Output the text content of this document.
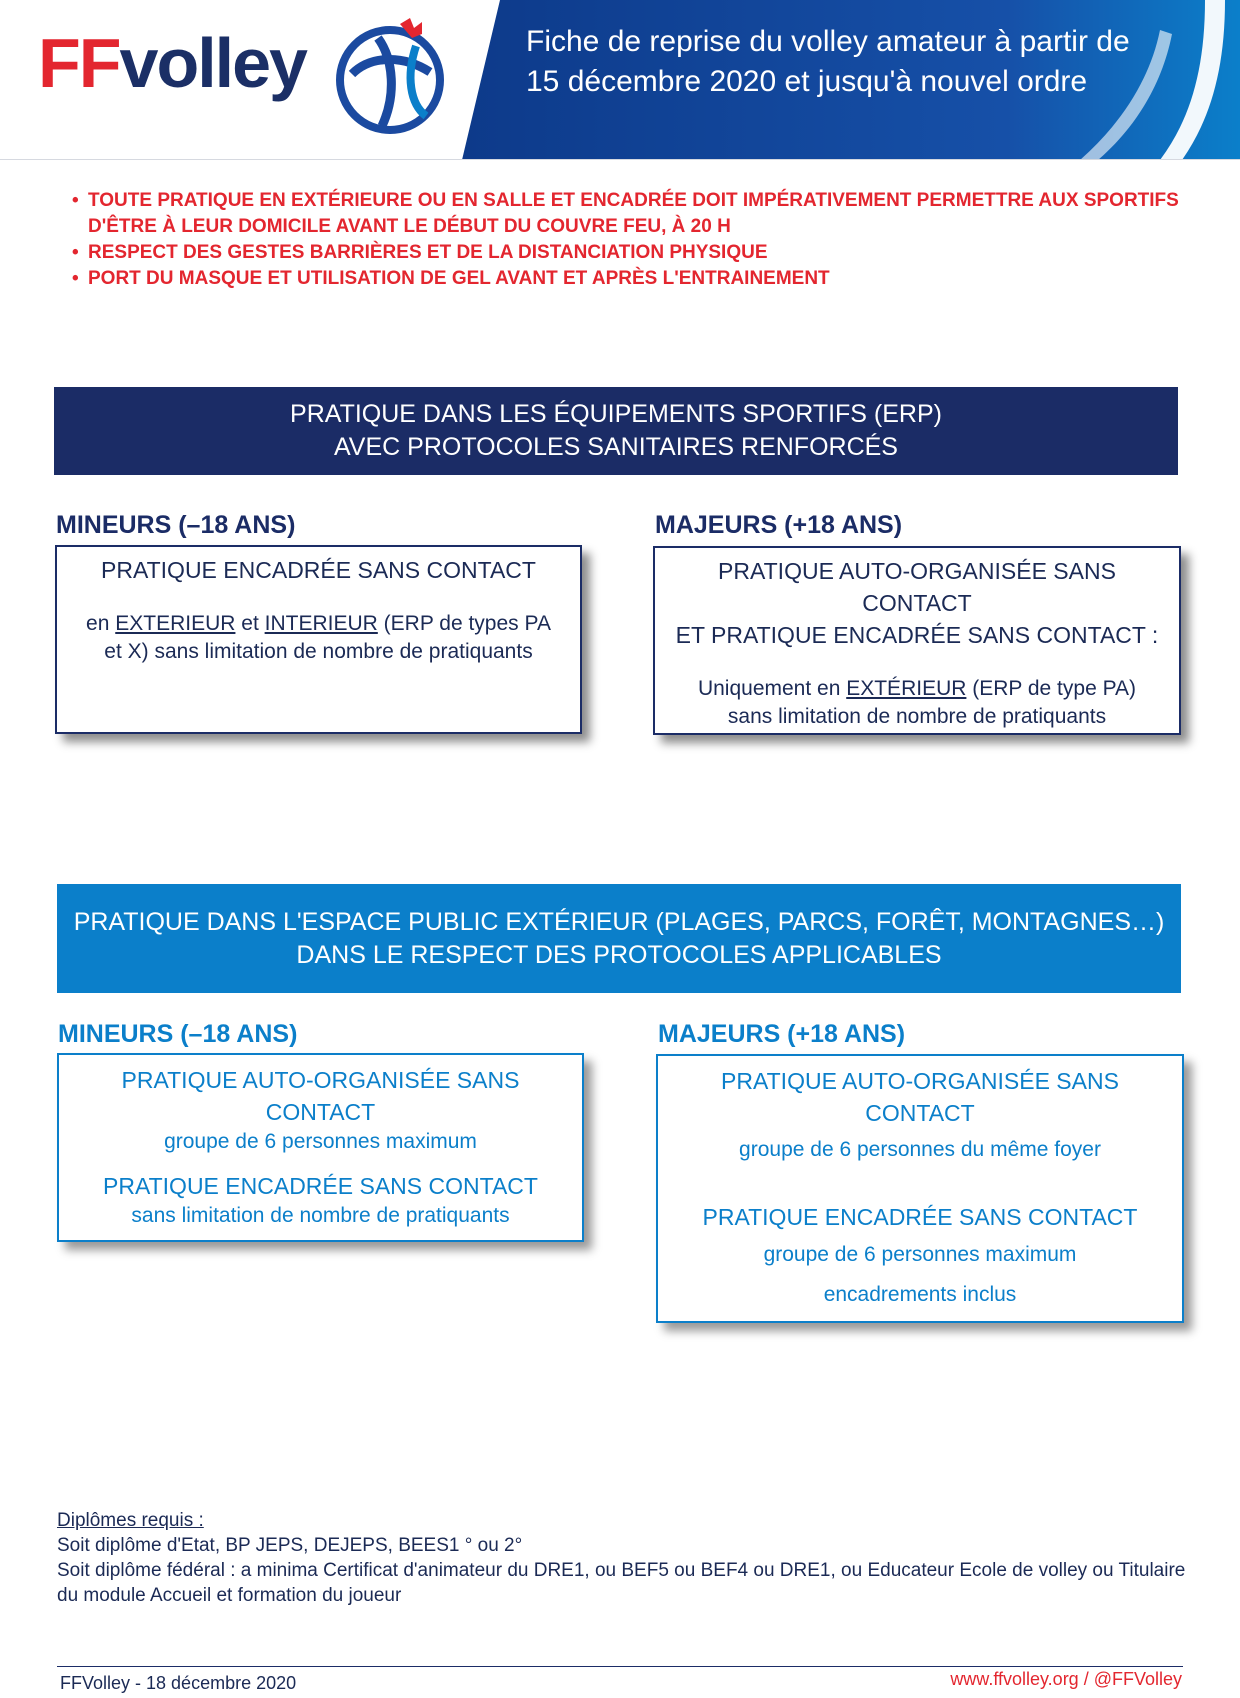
FFvolley	Fiche de reprise du volley amateur à partir de 15 décembre 2020 et jusqu'à nouvel ordre
• TOUTE PRATIQUE EN EXTÉRIEURE OU EN SALLE ET ENCADRÉE DOIT IMPÉRATIVEMENT PERMETTRE AUX SPORTIFS D'ÊTRE À LEUR DOMICILE AVANT LE DÉBUT DU COUVRE FEU, À 20 H
• RESPECT DES GESTES BARRIÈRES ET DE LA DISTANCIATION PHYSIQUE
• PORT DU MASQUE ET UTILISATION DE GEL AVANT ET APRÈS L'ENTRAINEMENT
PRATIQUE DANS LES ÉQUIPEMENTS SPORTIFS (ERP)
AVEC PROTOCOLES SANITAIRES RENFORCÉS
MINEURS (–18 ANS)	MAJEURS (+18 ANS)

PRATIQUE ENCADRÉE SANS CONTACT

en EXTERIEUR et INTERIEUR (ERP de types PA et X) sans limitation de nombre de pratiquants

PRATIQUE AUTO-ORGANISÉE SANS CONTACT

ET PRATIQUE ENCADRÉE SANS CONTACT :

Uniquement en EXTÉRIEUR (ERP de type PA) sans limitation de nombre de pratiquants

PRATIQUE DANS L'ESPACE PUBLIC EXTÉRIEUR (PLAGES, PARCS, FORÊT, MONTAGNES…)
DANS LE RESPECT DES PROTOCOLES APPLICABLES
MINEURS (–18 ANS)	MAJEURS (+18 ANS)

PRATIQUE AUTO-ORGANISÉE SANS CONTACT

groupe de 6 personnes maximum

PRATIQUE ENCADRÉE SANS CONTACT

sans limitation de nombre de pratiquants

PRATIQUE AUTO-ORGANISÉE SANS CONTACT

groupe de 6 personnes du même foyer

PRATIQUE ENCADRÉE SANS CONTACT

groupe de 6 personnes maximum

encadrements inclus

Diplômes requis :
Soit diplôme d'Etat, BP JEPS, DEJEPS, BEES1 ° ou 2°
Soit diplôme fédéral : a minima Certificat d'animateur du DRE1, ou BEF5 ou BEF4 ou DRE1, ou Educateur Ecole de volley ou Titulaire du module Accueil et formation du joueur
FFVolley - 18 décembre 2020	www.ffvolley.org / @FFVolley
